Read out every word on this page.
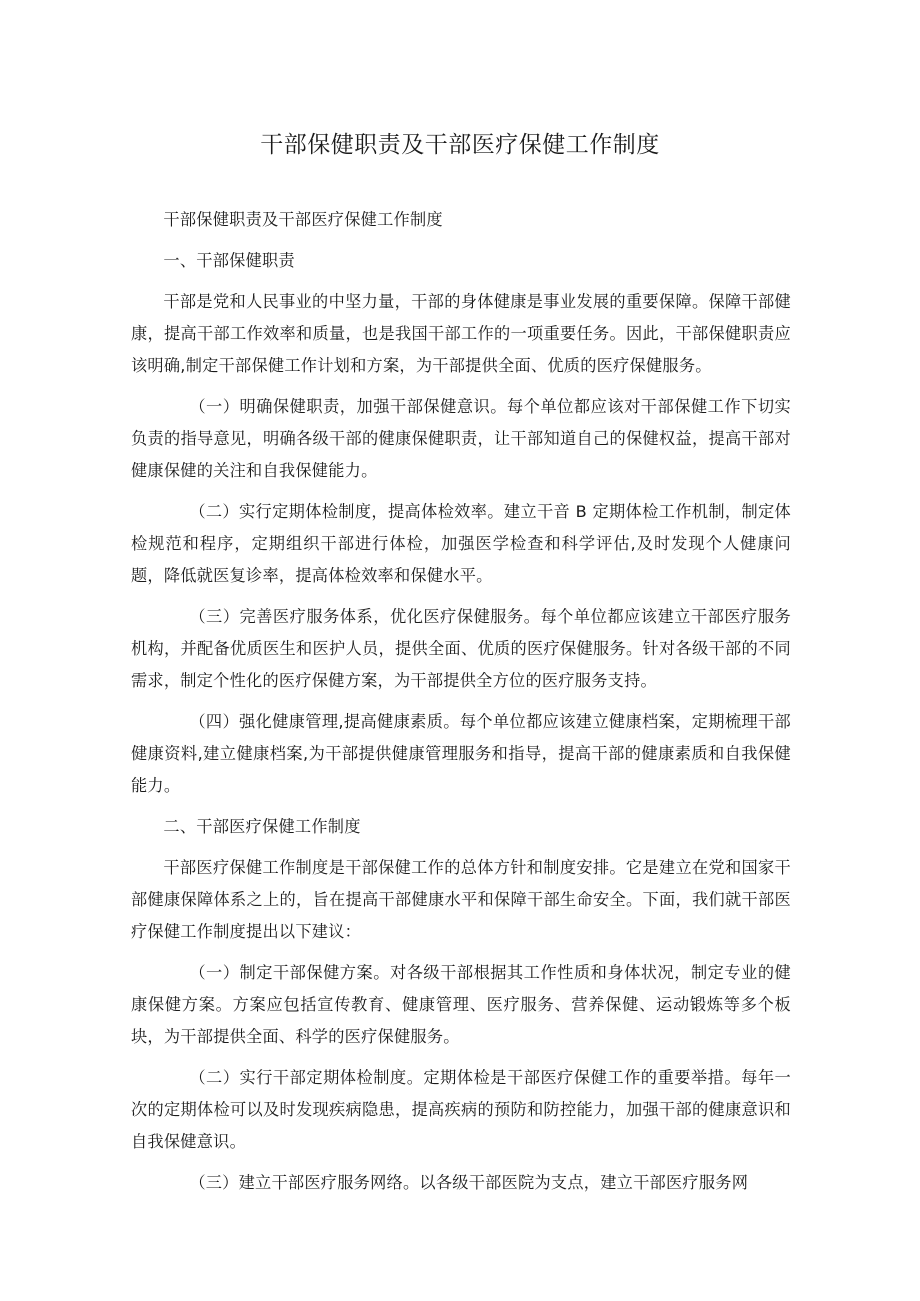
干部保健职责及干部医疗保健工作制度

干部保健职责及干部医疗保健工作制度

一、干部保健职责

干部是党和人民事业的中坚力量，干部的身体健康是事业发展的重要保障。保障干部健康，提高干部工作效率和质量，也是我国干部工作的一项重要任务。因此，干部保健职责应该明确,制定干部保健工作计划和方案，为干部提供全面、优质的医疗保健服务。

（一）明确保健职责，加强干部保健意识。每个单位都应该对干部保健工作下切实负责的指导意见，明确各级干部的健康保健职责，让干部知道自己的保健权益，提高干部对健康保健的关注和自我保健能力。

（二）实行定期体检制度，提高体检效率。建立干音 B 定期体检工作机制，制定体检规范和程序，定期组织干部进行体检，加强医学检查和科学评估,及时发现个人健康问题，降低就医复诊率，提高体检效率和保健水平。

（三）完善医疗服务体系，优化医疗保健服务。每个单位都应该建立干部医疗服务机构，并配备优质医生和医护人员，提供全面、优质的医疗保健服务。针对各级干部的不同需求，制定个性化的医疗保健方案，为干部提供全方位的医疗服务支持。

（四）强化健康管理,提高健康素质。每个单位都应该建立健康档案，定期梳理干部健康资料,建立健康档案,为干部提供健康管理服务和指导，提高干部的健康素质和自我保健能力。

二、干部医疗保健工作制度

干部医疗保健工作制度是干部保健工作的总体方针和制度安排。它是建立在党和国家干部健康保障体系之上的，旨在提高干部健康水平和保障干部生命安全。下面，我们就干部医疗保健工作制度提出以下建议：

（一）制定干部保健方案。对各级干部根据其工作性质和身体状况，制定专业的健康保健方案。方案应包括宣传教育、健康管理、医疗服务、营养保健、运动锻炼等多个板块，为干部提供全面、科学的医疗保健服务。

（二）实行干部定期体检制度。定期体检是干部医疗保健工作的重要举措。每年一次的定期体检可以及时发现疾病隐患，提高疾病的预防和防控能力，加强干部的健康意识和自我保健意识。

（三）建立干部医疗服务网络。以各级干部医院为支点，建立干部医疗服务网
